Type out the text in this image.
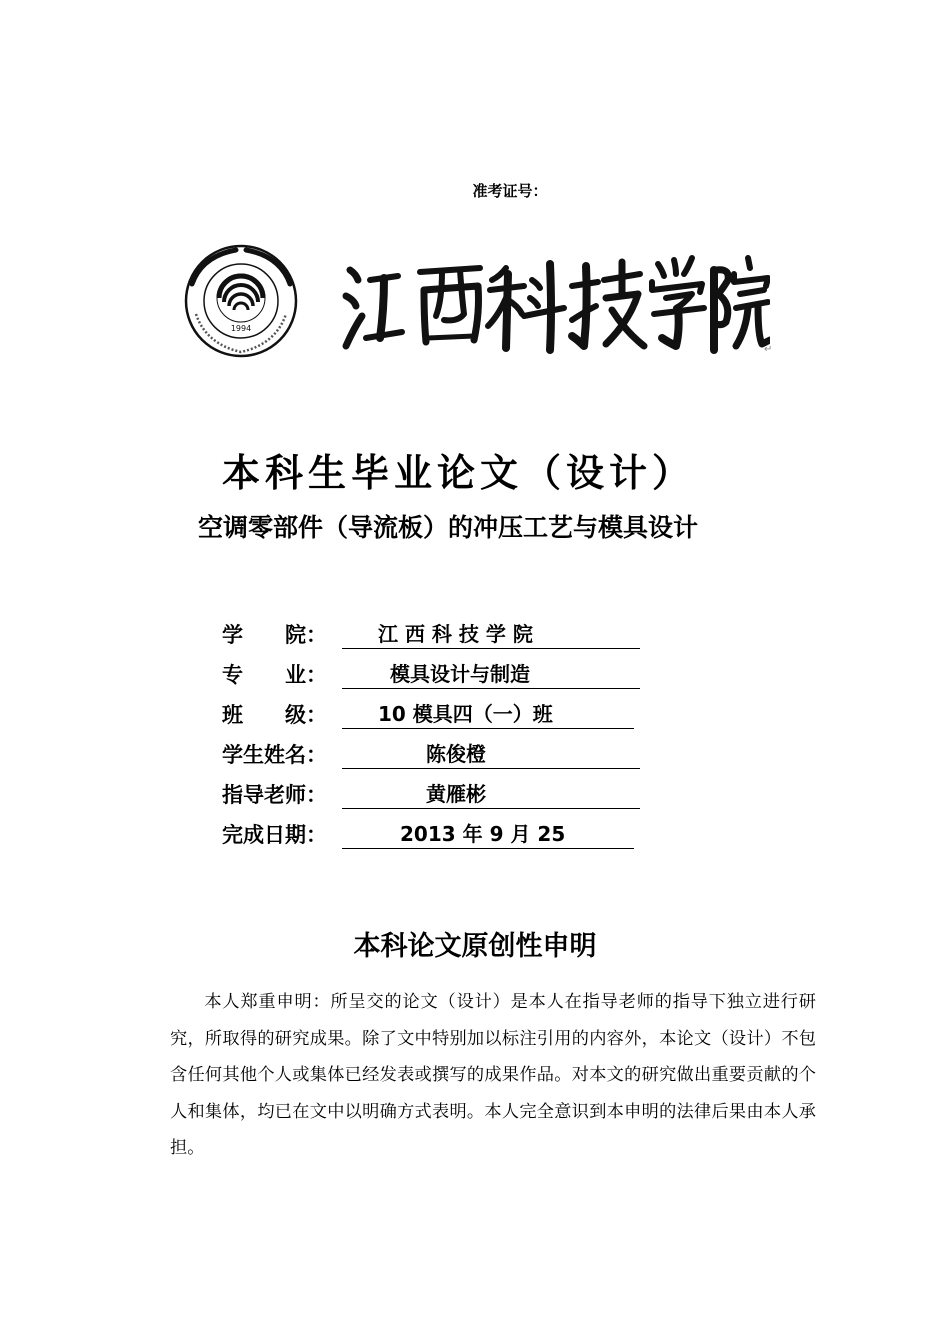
准考证号：
1994
↵
本科生毕业论文（设计）
空调零部件（导流板）的冲压工艺与模具设计
学 院：	江 西 科 技 学 院
专 业：	模具设计与制造
班 级：	10 模具四（一）班
学生姓名：	陈俊橙
指导老师：	黄雁彬
完成日期：	2013 年 9 月 25
本科论文原创性申明
本人郑重申明：所呈交的论文（设计）是本人在指导老师的指导下独立进行研究，所取得的研究成果。除了文中特别加以标注引用的内容外，本论文（设计）不包含任何其他个人或集体已经发表或撰写的成果作品。对本文的研究做出重要贡献的个人和集体，均已在文中以明确方式表明。本人完全意识到本申明的法律后果由本人承担。
